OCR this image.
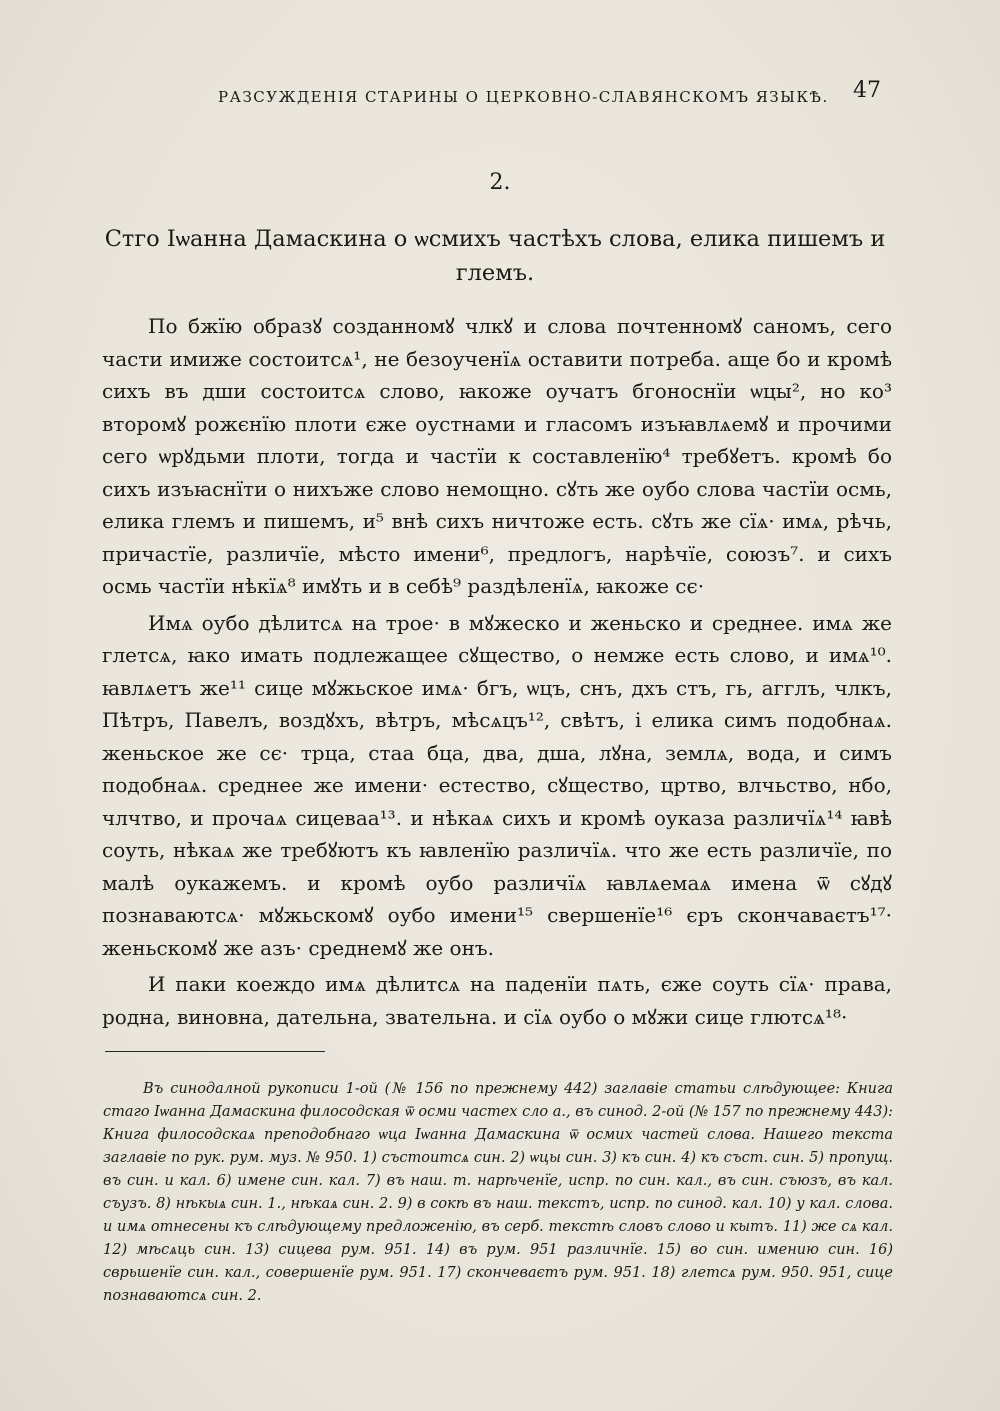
РАЗСУЖДЕНІЯ СТАРИНЫ О ЦЕРКОВНО-СЛАВЯНСКОМЪ ЯЗЫКѢ. 47
2.
Стго Іѡанна Дамаскина о ѡсмихъ частѣхъ слова, елика пишемъ и глемъ.

По бжїю образꙋ созданномꙋ члкꙋ и слова почтенномꙋ саномъ, сего части имиже состоитсѧ¹, не безоученїѧ оставити потреба. аще бо и кромѣ сихъ въ дши состоитсѧ слово, ꙗкоже оучатъ бгоноснїи ѡцы², но ко³ второмꙋ рожєнїю плоти єже оустнами и гласомъ изъꙗвлѧемꙋ и прочими сего ѡрꙋдьми плоти, тогда и частїи к составленїю⁴ требꙋетъ. кромѣ бо сихъ изъꙗснїти о нихъже слово немощно. сꙋть же оубо слова частїи осмь, елика глемъ и пишемъ, и⁵ внѣ сихъ ничтоже есть. сꙋть же сїѧ· имѧ, рѣчь, причастїе, различїе, мѣсто имени⁶, предлогъ, нарѣчїе, союзъ⁷. и сихъ осмь частїи нѣкїѧ⁸ имꙋть и в себѣ⁹ раздѣленїѧ, ꙗкоже сє·

Имѧ оубо дѣлитсѧ на трое· в мꙋжеско и женьско и среднее. имѧ же глетсѧ, ꙗко имать подлежащее сꙋщество, о немже есть слово, и имѧ¹⁰. ꙗвлѧетъ же¹¹ сице мꙋжьское имѧ· бгъ, ѡцъ, снъ, дхъ стъ, гь, агглъ, члкъ, Пѣтръ, Павелъ, воздꙋхъ, вѣтръ, мѣсѧцъ¹², свѣтъ, і елика симъ подобнаѧ. женьское же сє· трца, стаа бца, два, дша, лꙋна, землѧ, вода, и симъ подобнаѧ. среднее же имени· естество, сꙋщество, цртво, влчьство, нбо, члчтво, и прочаѧ сицеваа¹³. и нѣкаѧ сихъ и кромѣ оуказа различїѧ¹⁴ ꙗвѣ соуть, нѣкаѧ же требꙋютъ къ ꙗвленїю различїѧ. что же есть различїе, по малѣ оукажемъ. и кромѣ оубо различїѧ ꙗвлѧемаѧ имена ѿ сꙋдꙋ познаваютсѧ· мꙋжьскомꙋ оубо имени¹⁵ свершенїе¹⁶ єръ скончаваєтъ¹⁷· женьскомꙋ же азъ· среднемꙋ же онъ.

И паки коеждо имѧ дѣлитсѧ на паденїи пѧть, єже соуть сїѧ· права, родна, виновна, дательна, звательна. и сїѧ оубо о мꙋжи сице глютсѧ¹⁸·

Въ синодалной рукописи 1-ой (№ 156 по прежнему 442) заглавіе статьи слѣдующее: Книга стаго Іѡанна Дамаскина филосодская ѿ осми частех сло а., въ синод. 2-ой (№ 157 по прежнему 443): Книга филосодскаѧ преподобнаго ѡца Іѡанна Дамаскина ѿ осмих частей слова. Нашего текста заглавіе по рук. рум. муз. № 950. 1) състоитсѧ син. 2) ѡцы син. 3) къ син. 4) къ съст. син. 5) пропущ. въ син. и кал. 6) имене син. кал. 7) въ наш. т. нарѣченїе, испр. по син. кал., въ син. съюзъ, въ кал. съузъ. 8) нѣкыѧ син. 1., нѣкаѧ син. 2. 9) в сокѣ въ наш. текстъ, испр. по синод. кал. 10) у кал. слова. и имѧ отнесены къ слѣдующему предложенію, въ серб. текстѣ словъ слово и кытъ. 11) же сѧ кал. 12) мѣсѧць син. 13) сицева рум. 951. 14) въ рум. 951 различнїе. 15) во син. имению син. 16) сврьшенїе син. кал., совершенїе рум. 951. 17) скончеваєтъ рум. 951. 18) глетсѧ рум. 950. 951, сице познаваютсѧ син. 2.
